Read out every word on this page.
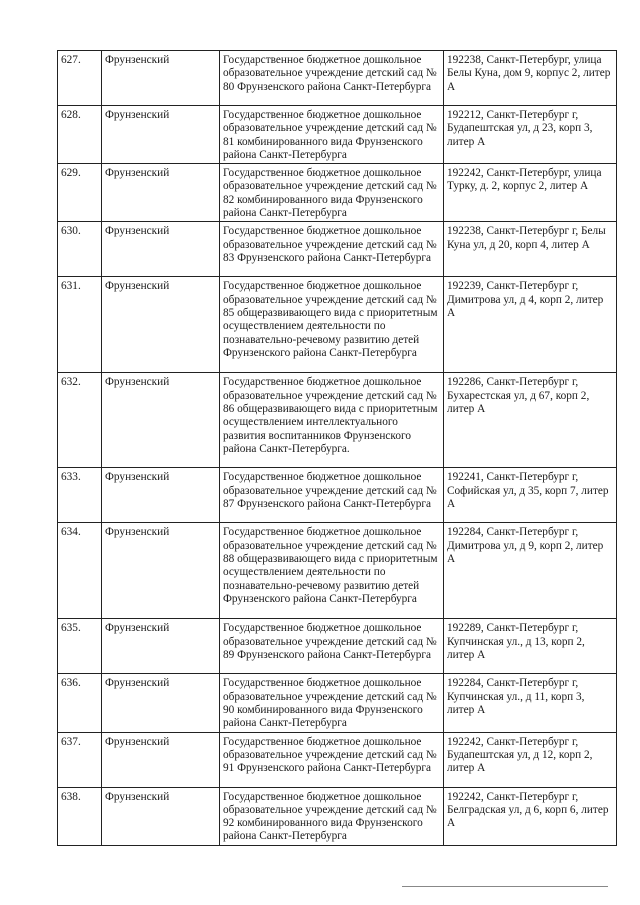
627.	Фрунзенский	Государственное бюджетное дошкольное образовательное учреждение детский сад № 80 Фрунзенского района Санкт-Петербурга	192238, Санкт-Петербург, улица Белы Куна, дом 9, корпус 2, литер А
628.	Фрунзенский	Государственное бюджетное дошкольное образовательное учреждение детский сад № 81 комбинированного вида Фрунзенского района Санкт-Петербурга	192212, Санкт-Петербург г, Будапештская ул, д 23, корп 3, литер А
629.	Фрунзенский	Государственное бюджетное дошкольное образовательное учреждение детский сад № 82 комбинированного вида Фрунзенского района Санкт-Петербурга	192242, Санкт-Петербург, улица Турку, д. 2, корпус 2, литер А
630.	Фрунзенский	Государственное бюджетное дошкольное образовательное учреждение детский сад № 83 Фрунзенского района Санкт-Петербурга	192238, Санкт-Петербург г, Белы Куна ул, д 20, корп 4, литер А
631.	Фрунзенский	Государственное бюджетное дошкольное образовательное учреждение детский сад № 85 общеразвивающего вида с приоритетным осуществлением деятельности по познавательно-речевому развитию детей Фрунзенского района Санкт-Петербурга	192239, Санкт-Петербург г, Димитрова ул, д 4, корп 2, литер А
632.	Фрунзенский	Государственное бюджетное дошкольное образовательное учреждение детский сад № 86 общеразвивающего вида с приоритетным осуществлением интеллектуального развития воспитанников Фрунзенского района Санкт-Петербурга.	192286, Санкт-Петербург г, Бухарестская ул, д 67, корп 2, литер А
633.	Фрунзенский	Государственное бюджетное дошкольное образовательное учреждение детский сад № 87 Фрунзенского района Санкт-Петербурга	192241, Санкт-Петербург г, Софийская ул, д 35, корп 7, литер А
634.	Фрунзенский	Государственное бюджетное дошкольное образовательное учреждение детский сад № 88 общеразвивающего вида с приоритетным осуществлением деятельности по познавательно-речевому развитию детей Фрунзенского района Санкт-Петербурга	192284, Санкт-Петербург г, Димитрова ул, д 9, корп 2, литер А
635.	Фрунзенский	Государственное бюджетное дошкольное образовательное учреждение детский сад № 89 Фрунзенского района Санкт-Петербурга	192289, Санкт-Петербург г, Купчинская ул., д 13, корп 2, литер А
636.	Фрунзенский	Государственное бюджетное дошкольное образовательное учреждение детский сад № 90 комбинированного вида Фрунзенского района Санкт-Петербурга	192284, Санкт-Петербург г, Купчинская ул., д 11, корп 3, литер А
637.	Фрунзенский	Государственное бюджетное дошкольное образовательное учреждение детский сад № 91 Фрунзенского района Санкт-Петербурга	192242, Санкт-Петербург г, Будапештская ул, д 12, корп 2, литер А
638.	Фрунзенский	Государственное бюджетное дошкольное образовательное учреждение детский сад № 92 комбинированного вида Фрунзенского района Санкт-Петербурга	192242, Санкт-Петербург г, Белградская ул, д 6, корп 6, литер А
